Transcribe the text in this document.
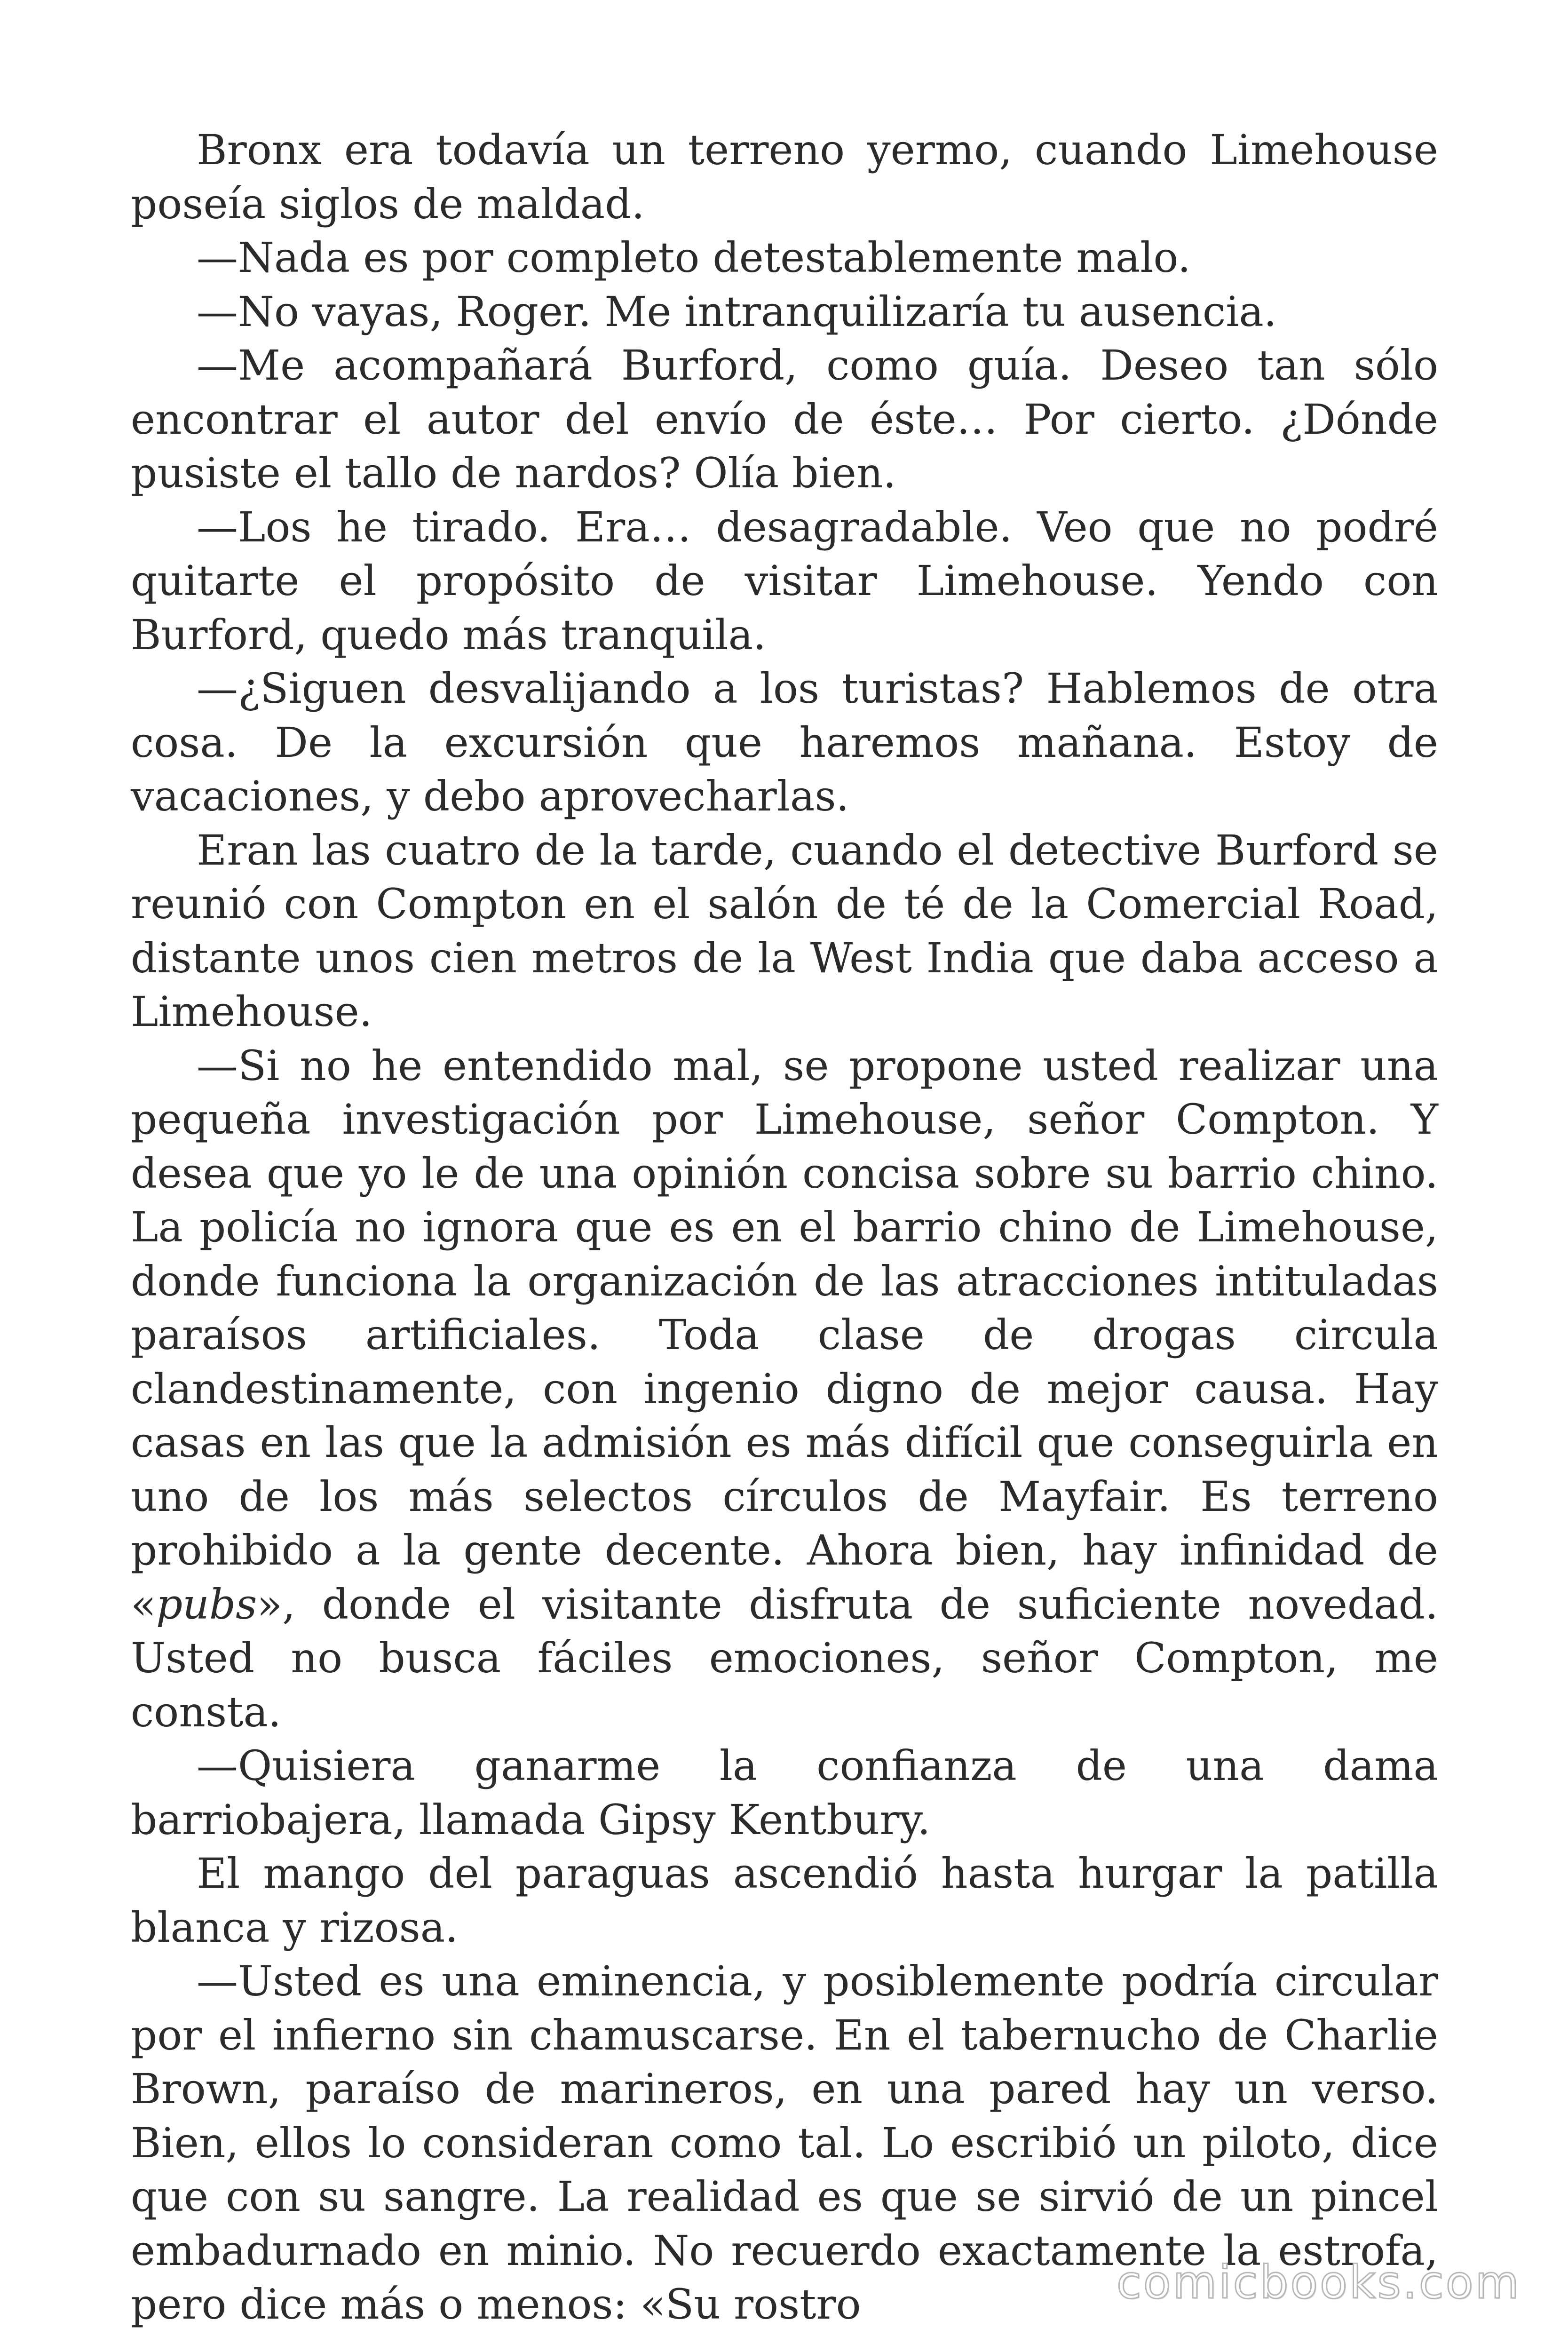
Bronx era todavía un terreno yermo, cuando Limehouse poseía siglos de maldad.

—Nada es por completo detestablemente malo.

—No vayas, Roger. Me intranquilizaría tu ausencia.

—Me acompañará Burford, como guía. Deseo tan sólo encontrar el autor del envío de éste… Por cierto. ¿Dónde pusiste el tallo de nardos? Olía bien.

—Los he tirado. Era… desagradable. Veo que no podré quitarte el propósito de visitar Limehouse. Yendo con Burford, quedo más tranquila.

—¿Siguen desvalijando a los turistas? Hablemos de otra cosa. De la excursión que haremos mañana. Estoy de vacaciones, y debo aprovecharlas.

Eran las cuatro de la tarde, cuando el detective Burford se reunió con Compton en el salón de té de la Comercial Road, distante unos cien metros de la West India que daba acceso a Limehouse.

—Si no he entendido mal, se propone usted realizar una pequeña investigación por Limehouse, señor Compton. Y desea que yo le de una opinión concisa sobre su barrio chino. La policía no ignora que es en el barrio chino de Limehouse, donde funciona la organización de las atracciones intituladas paraísos artificiales. Toda clase de drogas circula clandestinamente, con ingenio digno de mejor causa. Hay casas en las que la admisión es más difícil que conseguirla en uno de los más selectos círculos de Mayfair. Es terreno prohibido a la gente decente. Ahora bien, hay infinidad de «pubs», donde el visitante disfruta de suficiente novedad. Usted no busca fáciles emociones, señor Compton, me consta.

—Quisiera ganarme la confianza de una dama barriobajera, llamada Gipsy Kentbury.

El mango del paraguas ascendió hasta hurgar la patilla blanca y rizosa.

—Usted es una eminencia, y posiblemente podría circular por el infierno sin chamuscarse. En el tabernucho de Charlie Brown, paraíso de marineros, en una pared hay un verso. Bien, ellos lo consideran como tal. Lo escribió un piloto, dice que con su sangre. La realidad es que se sirvió de un pincel embadurnado en minio. No recuerdo exactamente la estrofa, pero dice más o menos: «Su rostro	comicbooks.com
